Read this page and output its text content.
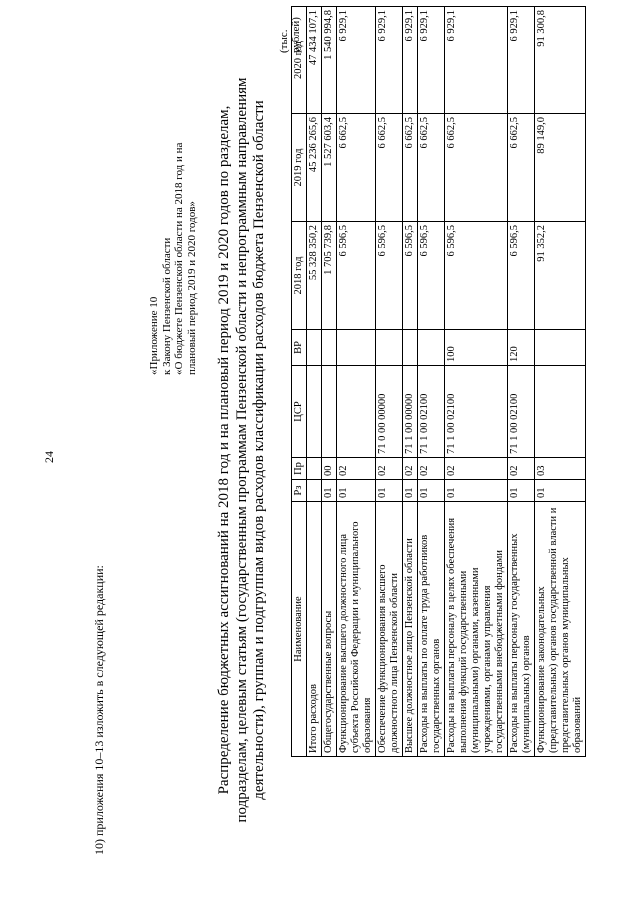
24
10) приложения 10–13 изложить в следующей редакции:
«Приложение 10 к Закону Пензенской области «О бюджете Пензенской области на 2018 год и на плановый период 2019 и 2020 годов» Распределение бюджетных ассигнований на 2018 год и на плановый период 2019 и 2020 годов по разделам, подразделам, целевым статьям (государственным программам Пензенской области и непрограммным направлениям деятельности), группам и подгруппам видов расходов классификации расходов бюджета Пензенской области
(тыс. рублей)
Наименование	Рз	Пр	ЦСР	ВР	2018 год	2019 год	2020 год
Итого расходов					55 328 350,2	45 236 265,6	47 434 107,1
Общегосударственные вопросы	01	00			1 705 739,8	1 527 603,4	1 540 994,8
Функционирование высшего должностного лица субъекта Российской Федерации и муниципального образования	01	02			6 596,5	6 662,5	6 929,1
Обеспечение функционирования высшего должностного лица Пензенской области	01	02	71 0 00 00000		6 596,5	6 662,5	6 929,1
Высшее должностное лицо Пензенской области	01	02	71 1 00 00000		6 596,5	6 662,5	6 929,1
Расходы на выплаты по оплате труда работников государственных органов	01	02	71 1 00 02100		6 596,5	6 662,5	6 929,1
Расходы на выплаты персоналу в целях обеспечения выполнения функций государственными (муниципальными) органами, казенными учреждениями, органами управления государственными внебюджетными фондами	01	02	71 1 00 02100	100	6 596,5	6 662,5	6 929,1
Расходы на выплаты персоналу государственных (муниципальных) органов	01	02	71 1 00 02100	120	6 596,5	6 662,5	6 929,1
Функционирование законодательных (представительных) органов государственной власти и представительных органов муниципальных образований	01	03			91 352,2	89 149,0	91 300,8
